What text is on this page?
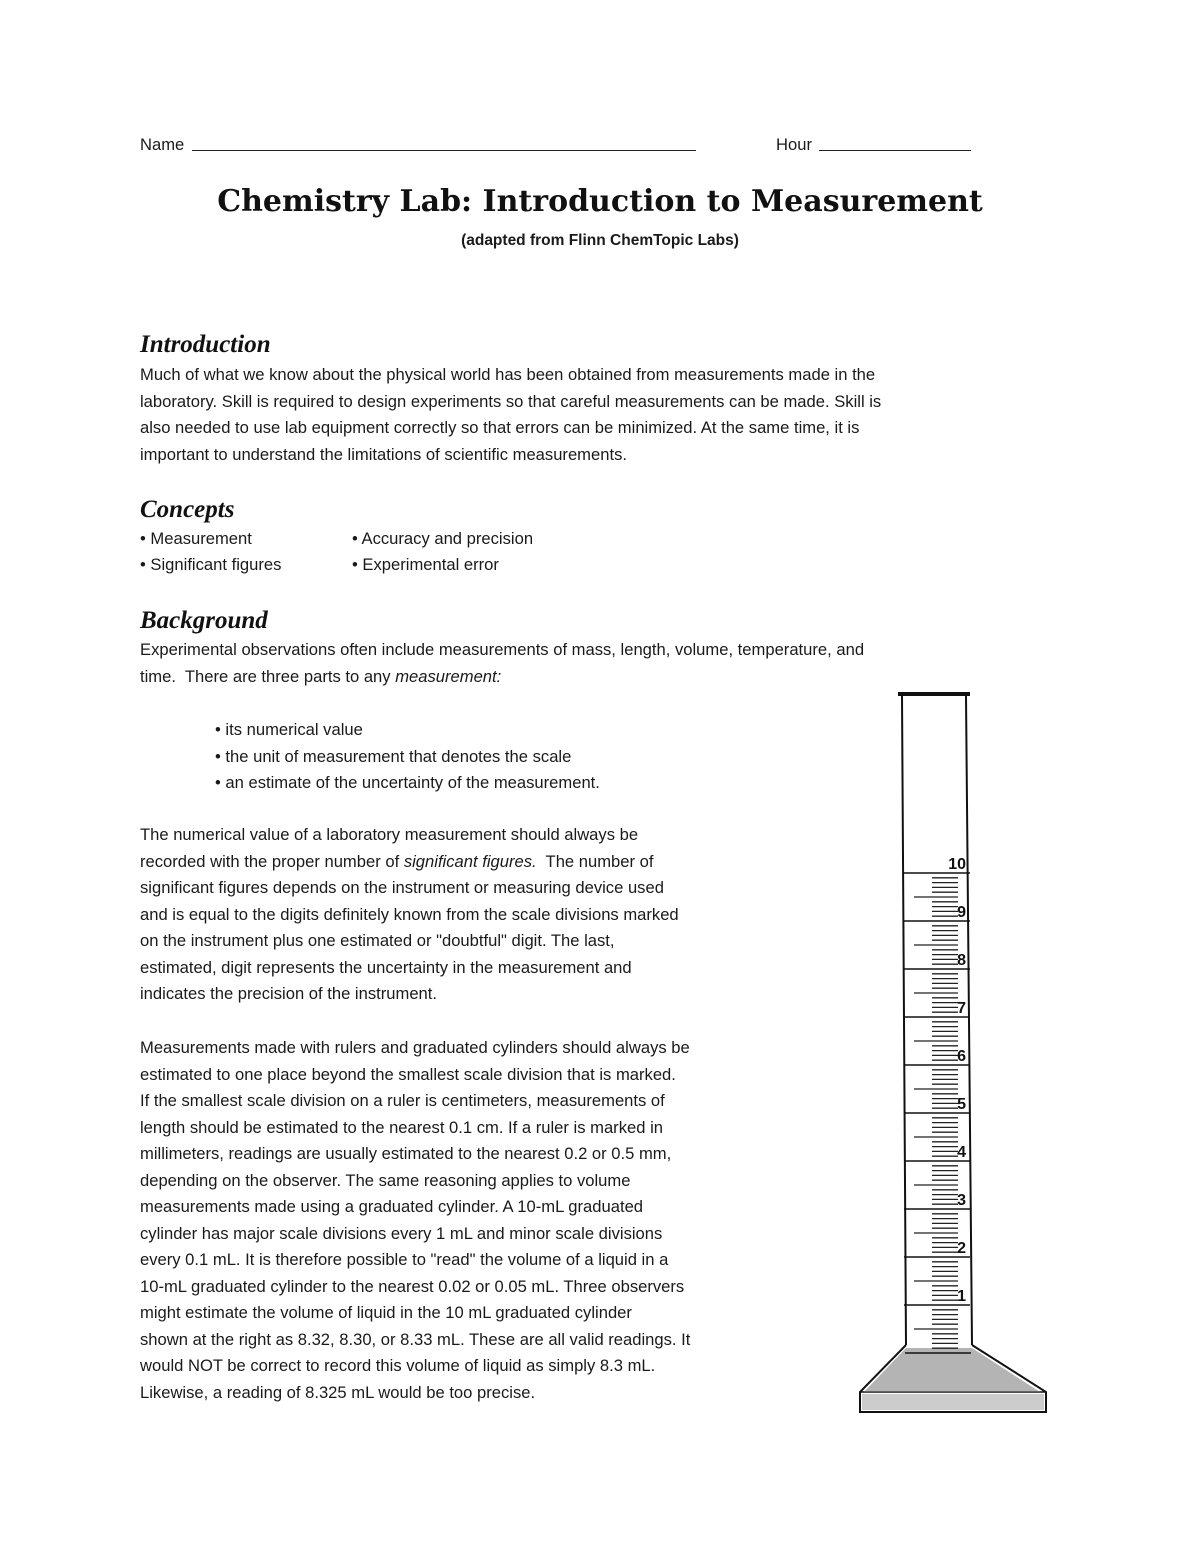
Name	Hour
Chemistry Lab: Introduction to Measurement
(adapted from Flinn ChemTopic Labs)
Introduction

Much of what we know about the physical world has been obtained from measurements made in the

laboratory. Skill is required to design experiments so that careful measurements can be made. Skill is

also needed to use lab equipment correctly so that errors can be minimized. At the same time, it is

important to understand the limitations of scientific measurements.

Concepts
• Measurement	• Accuracy and precision
• Significant figures	• Experimental error
Background

Experimental observations often include measurements of mass, length, volume, temperature, and

time.  There are three parts to any measurement:

• its numerical value

• the unit of measurement that denotes the scale

• an estimate of the uncertainty of the measurement.

The numerical value of a laboratory measurement should always be

recorded with the proper number of significant figures.  The number of

significant figures depends on the instrument or measuring device used

and is equal to the digits definitely known from the scale divisions marked

on the instrument plus one estimated or "doubtful" digit. The last,

estimated, digit represents the uncertainty in the measurement and

indicates the precision of the instrument.

Measurements made with rulers and graduated cylinders should always be

estimated to one place beyond the smallest scale division that is marked.

If the smallest scale division on a ruler is centimeters, measurements of

length should be estimated to the nearest 0.1 cm. If a ruler is marked in

millimeters, readings are usually estimated to the nearest 0.2 or 0.5 mm,

depending on the observer. The same reasoning applies to volume

measurements made using a graduated cylinder. A 10-mL graduated

cylinder has major scale divisions every 1 mL and minor scale divisions

every 0.1 mL. It is therefore possible to "read" the volume of a liquid in a

10-mL graduated cylinder to the nearest 0.02 or 0.05 mL. Three observers

might estimate the volume of liquid in the 10 mL graduated cylinder

shown at the right as 8.32, 8.30, or 8.33 mL. These are all valid readings. It

would NOT be correct to record this volume of liquid as simply 8.3 mL.

Likewise, a reading of 8.325 mL would be too precise.

10
9
8
7
6
5
4
3
2
1
